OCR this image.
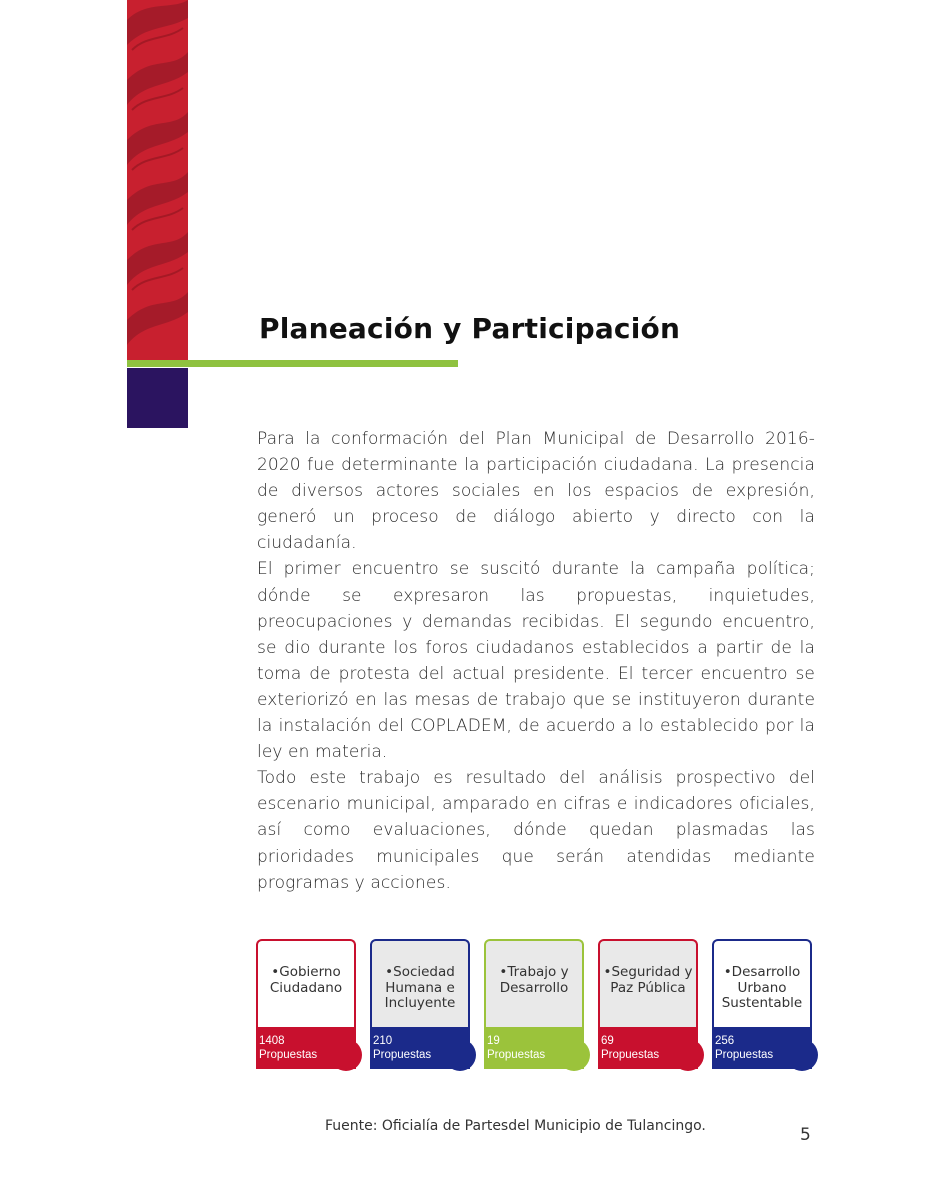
Planeación y Participación

Para la conformación del Plan Municipal de Desarrollo 2016-2020 fue determinante la participación ciudadana. La presencia de diversos actores sociales en los espacios de expresión, generó un proceso de diálogo abierto y directo con la ciudadanía.

El primer encuentro se suscitó durante la campaña política; dónde se expresaron las propuestas, inquietudes, preocupaciones y demandas recibidas. El segundo encuentro, se dio durante los foros ciudadanos establecidos a partir de la toma de protesta del actual presidente. El tercer encuentro se exteriorizó en las mesas de trabajo que se instituyeron durante la instalación del COPLADEM, de acuerdo a lo establecido por la ley en materia.

Todo este trabajo es resultado del análisis prospectivo del escenario municipal, amparado en cifras e indicadores oficiales, así como evaluaciones, dónde quedan plasmadas las prioridades municipales que serán atendidas mediante programas y acciones.

•Gobierno
Ciudadano
1408
Propuestas
•Sociedad
Humana e
Incluyente
210
Propuestas
•Trabajo y
Desarrollo
19
Propuestas
•Seguridad y
Paz Pública
69
Propuestas
•Desarrollo
Urbano
Sustentable
256
Propuestas
Fuente: Oficialía de Partesdel Municipio de Tulancingo.	5
